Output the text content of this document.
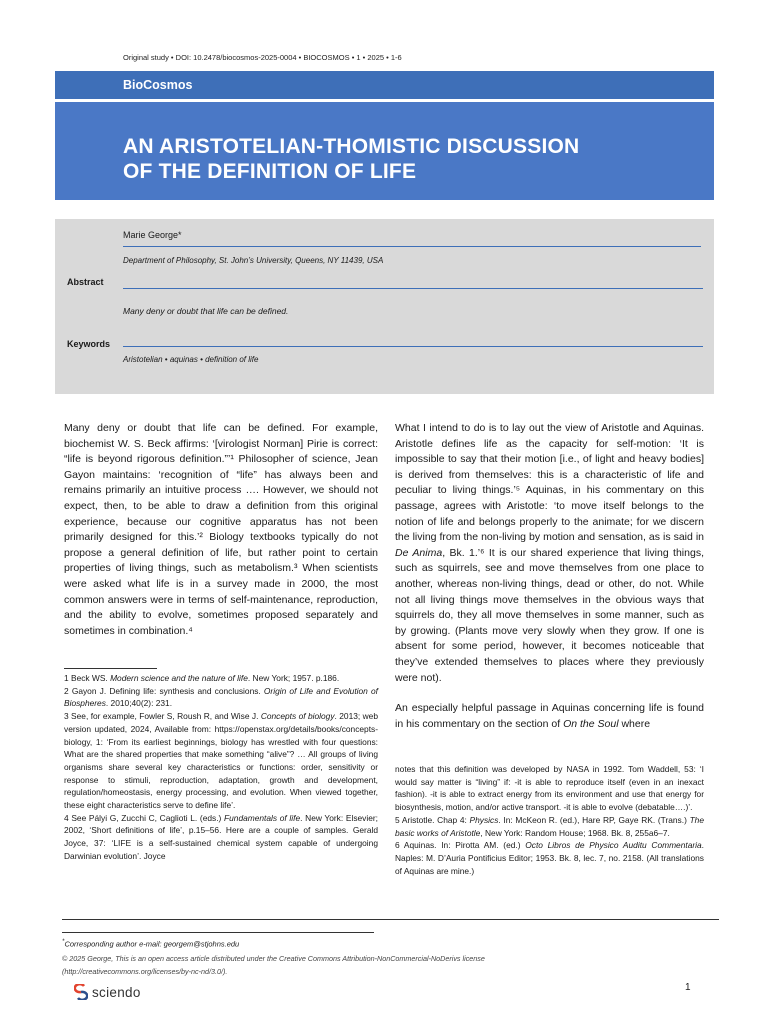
Original study • DOI: 10.2478/biocosmos-2025-0004 • BIOCOSMOS • 1 • 2025 • 1-6
BioCosmos
AN ARISTOTELIAN-THOMISTIC DISCUSSION
OF THE DEFINITION OF LIFE
Marie George*
Department of Philosophy, St. John’s University, Queens, NY 11439, USA
Abstract
Many deny or doubt that life can be defined.
Keywords
Aristotelian • aquinas • definition of life

Many deny or doubt that life can be defined. For example, biochemist W. S. Beck affirms: ‘[virologist Norman] Pirie is correct: “life is beyond rigorous definition.”’¹ Philosopher of science, Jean Gayon maintains: ‘recognition of “life” has always been and remains primarily an intuitive process …. However, we should not expect, then, to be able to draw a definition from this original experience, because our cognitive apparatus has not been primarily designed for this.’² Biology textbooks typically do not propose a general definition of life, but rather point to certain properties of living things, such as metabolism.³ When scientists were asked what life is in a survey made in 2000, the most common answers were in terms of self-maintenance, reproduction, and the ability to evolve, sometimes proposed separately and sometimes in combination.⁴

What I intend to do is to lay out the view of Aristotle and Aquinas. Aristotle defines life as the capacity for self-motion: ‘It is impossible to say that their motion [i.e., of light and heavy bodies] is derived from themselves: this is a characteristic of life and peculiar to living things.’⁵ Aquinas, in his commentary on this passage, agrees with Aristotle: ‘to move itself belongs to the notion of life and belongs properly to the animate; for we discern the living from the non-living by motion and sensation, as is said in De Anima, Bk. 1.’⁶ It is our shared experience that living things, such as squirrels, see and move themselves from one place to another, whereas non-living things, dead or other, do not. While not all living things move themselves in the obvious ways that squirrels do, they all move themselves in some manner, such as by growing. (Plants move very slowly when they grow. If one is absent for some period, however, it becomes noticeable that they’ve extended themselves to places where they previously were not).

An especially helpful passage in Aquinas concerning life is found in his commentary on the section of On the Soul where

1 Beck WS. Modern science and the nature of life. New York; 1957. p.186.

2 Gayon J. Defining life: synthesis and conclusions. Origin of Life and Evolution of Biospheres. 2010;40(2): 231.

3 See, for example, Fowler S, Roush R, and Wise J. Concepts of biology. 2013; web version updated, 2024, Available from: https://openstax.org/details/books/concepts-biology, 1: ‘From its earliest beginnings, biology has wrestled with four questions: What are the shared properties that make something “alive”? … All groups of living organisms share several key characteristics or functions: order, sensitivity or response to stimuli, reproduction, adaptation, growth and development, regulation/homeostasis, energy processing, and evolution. When viewed together, these eight characteristics serve to define life’.

4 See Pályi G, Zucchi C, Caglioti L. (eds.) Fundamentals of life. New York: Elsevier; 2002, ‘Short definitions of life’, p.15–56. Here are a couple of samples. Gerald Joyce, 37: ‘LIFE is a self-sustained chemical system capable of undergoing Darwinian evolution’. Joyce

notes that this definition was developed by NASA in 1992. Tom Waddell, 53: ‘I would say matter is “living” if: -it is able to reproduce itself (even in an inexact fashion). -it is able to extract energy from its environment and use that energy for biosynthesis, motion, and/or active transport. -it is able to evolve (debatable….)’.

5 Aristotle. Chap 4: Physics. In: McKeon R. (ed.), Hare RP, Gaye RK. (Trans.) The basic works of Aristotle, New York: Random House; 1968. Bk. 8, 255a6–7.

6 Aquinas. In: Pirotta AM. (ed.) Octo Libros de Physico Auditu Commentaria. Naples: M. D’Auria Pontificius Editor; 1953. Bk. 8, lec. 7, no. 2158. (All translations of Aquinas are mine.)

*Corresponding author e-mail: georgem@stjohns.edu
© 2025 George, This is an open access article distributed under the Creative Commons Attribution-NonCommercial-NoDerivs license (http://creativecommons.org/licenses/by-nc-nd/3.0/).
sciendo	1
